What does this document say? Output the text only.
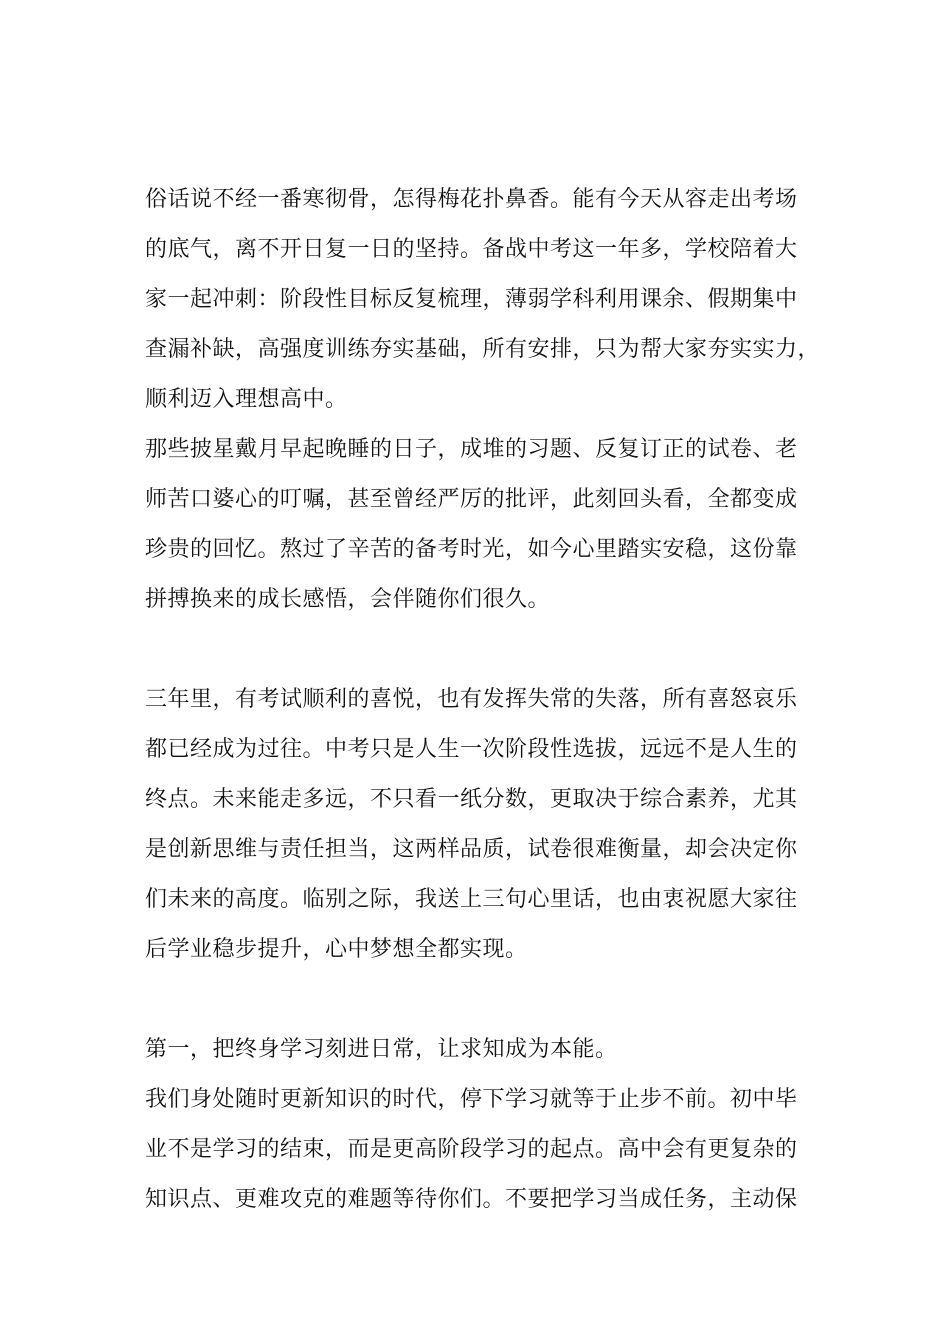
俗话说不经一番寒彻骨，怎得梅花扑鼻香。能有今天从容走出考场
的底气，离不开日复一日的坚持。备战中考这一年多，学校陪着大
家一起冲刺：阶段性目标反复梳理，薄弱学科利用课余、假期集中
查漏补缺，高强度训练夯实基础，所有安排，只为帮大家夯实实力，
顺利迈入理想高中。
那些披星戴月早起晚睡的日子，成堆的习题、反复订正的试卷、老
师苦口婆心的叮嘱，甚至曾经严厉的批评，此刻回头看，全都变成
珍贵的回忆。熬过了辛苦的备考时光，如今心里踏实安稳，这份靠
拼搏换来的成长感悟，会伴随你们很久。
三年里，有考试顺利的喜悦，也有发挥失常的失落，所有喜怒哀乐
都已经成为过往。中考只是人生一次阶段性选拔，远远不是人生的
终点。未来能走多远，不只看一纸分数，更取决于综合素养，尤其
是创新思维与责任担当，这两样品质，试卷很难衡量，却会决定你
们未来的高度。临别之际，我送上三句心里话，也由衷祝愿大家往
后学业稳步提升，心中梦想全都实现。
第一，把终身学习刻进日常，让求知成为本能。
我们身处随时更新知识的时代，停下学习就等于止步不前。初中毕
业不是学习的结束，而是更高阶段学习的起点。高中会有更复杂的
知识点、更难攻克的难题等待你们。不要把学习当成任务，主动保
